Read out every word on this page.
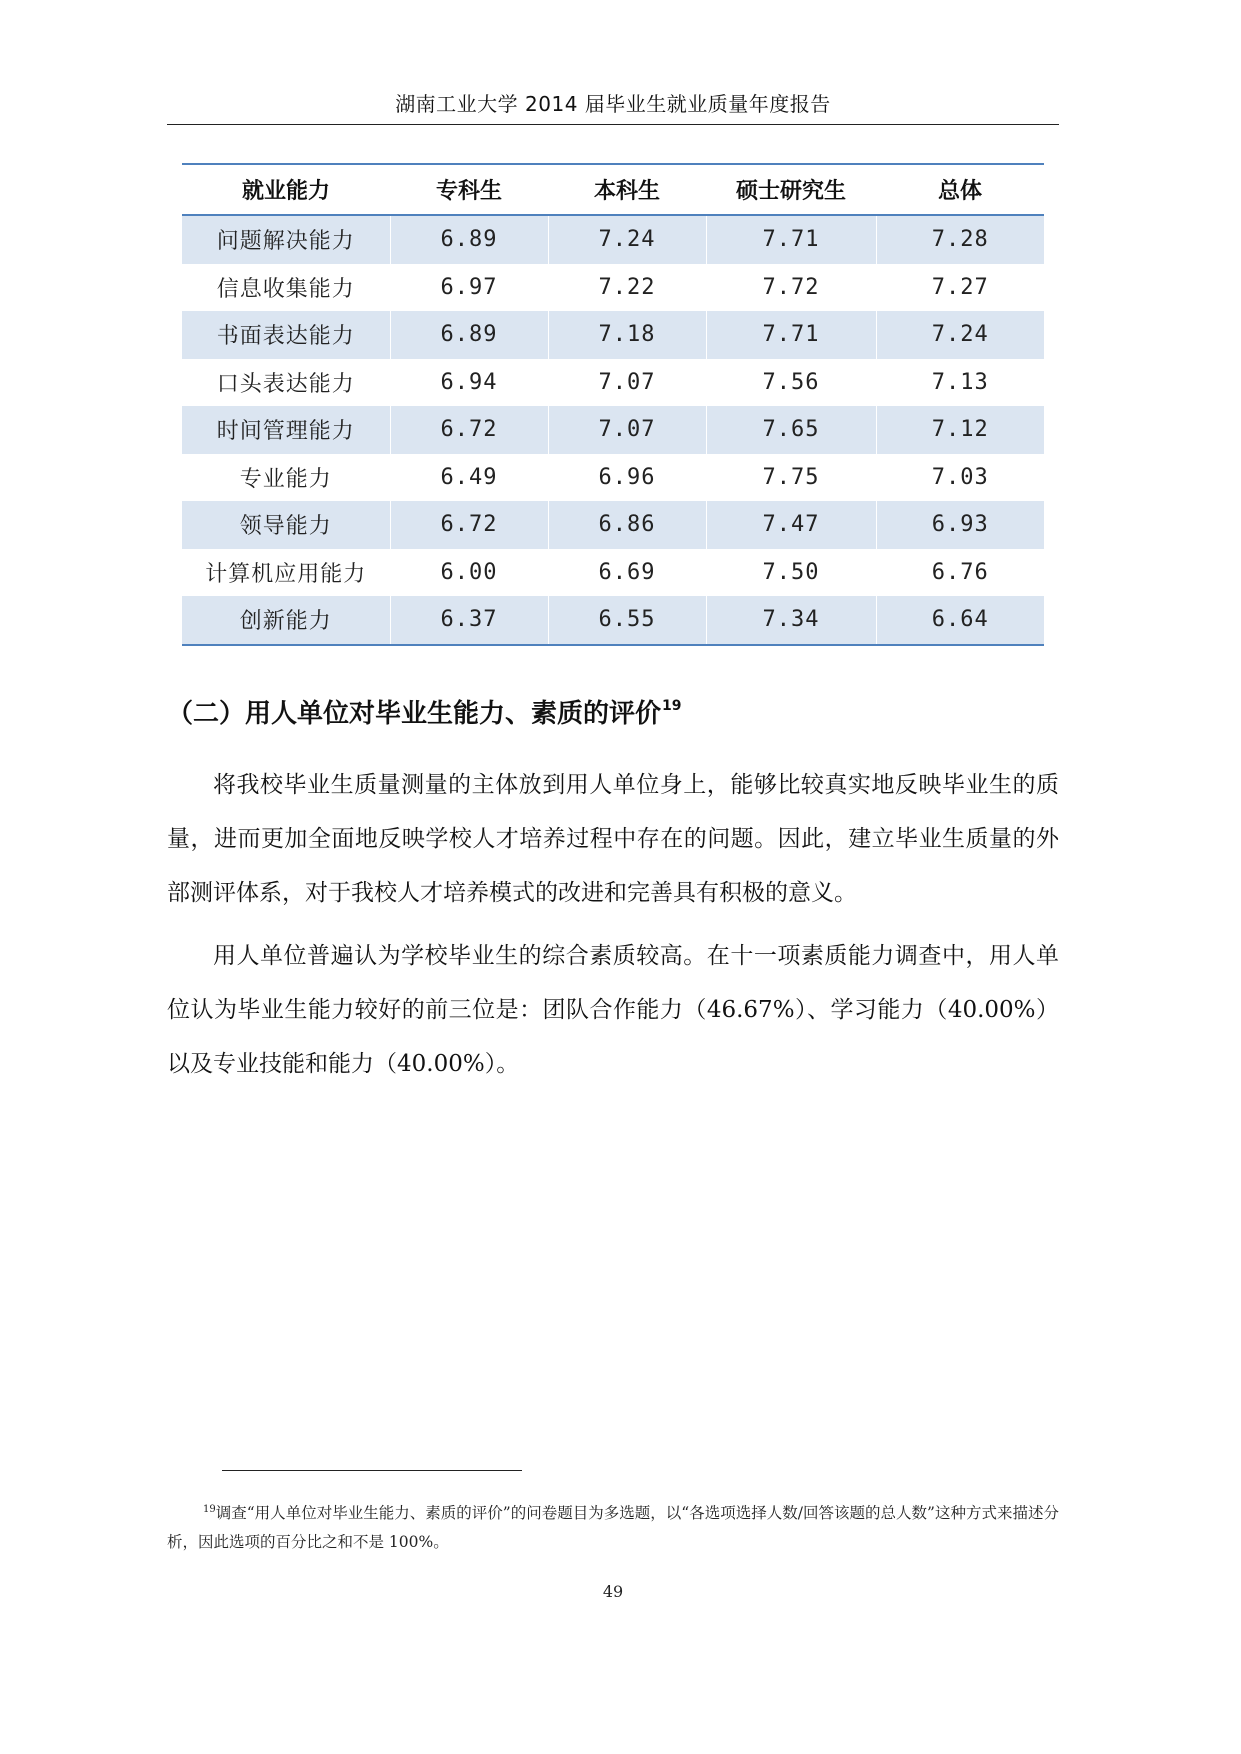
湖南工业大学 2014 届毕业生就业质量年度报告
就业能力	专科生	本科生	硕士研究生	总体
问题解决能力	6.89	7.24	7.71	7.28
信息收集能力	6.97	7.22	7.72	7.27
书面表达能力	6.89	7.18	7.71	7.24
口头表达能力	6.94	7.07	7.56	7.13
时间管理能力	6.72	7.07	7.65	7.12
专业能力	6.49	6.96	7.75	7.03
领导能力	6.72	6.86	7.47	6.93
计算机应用能力	6.00	6.69	7.50	6.76
创新能力	6.37	6.55	7.34	6.64
（二）用人单位对毕业生能力、素质的评价$^{19}$

将我校毕业生质量测量的主体放到用人单位身上，能够比较真实地反映毕业生的质量，进而更加全面地反映学校人才培养过程中存在的问题。因此，建立毕业生质量的外部测评体系，对于我校人才培养模式的改进和完善具有积极的意义。

用人单位普遍认为学校毕业生的综合素质较高。在十一项素质能力调查中，用人单位认为毕业生能力较好的前三位是：团队合作能力（46.67%）、学习能力（40.00%）以及专业技能和能力（40.00%）。

$^{19}$调查“用人单位对毕业生能力、素质的评价”的问卷题目为多选题，以“各选项选择人数/回答该题的总人数”这种方式来描述分析，因此选项的百分比之和不是 100%。

49
